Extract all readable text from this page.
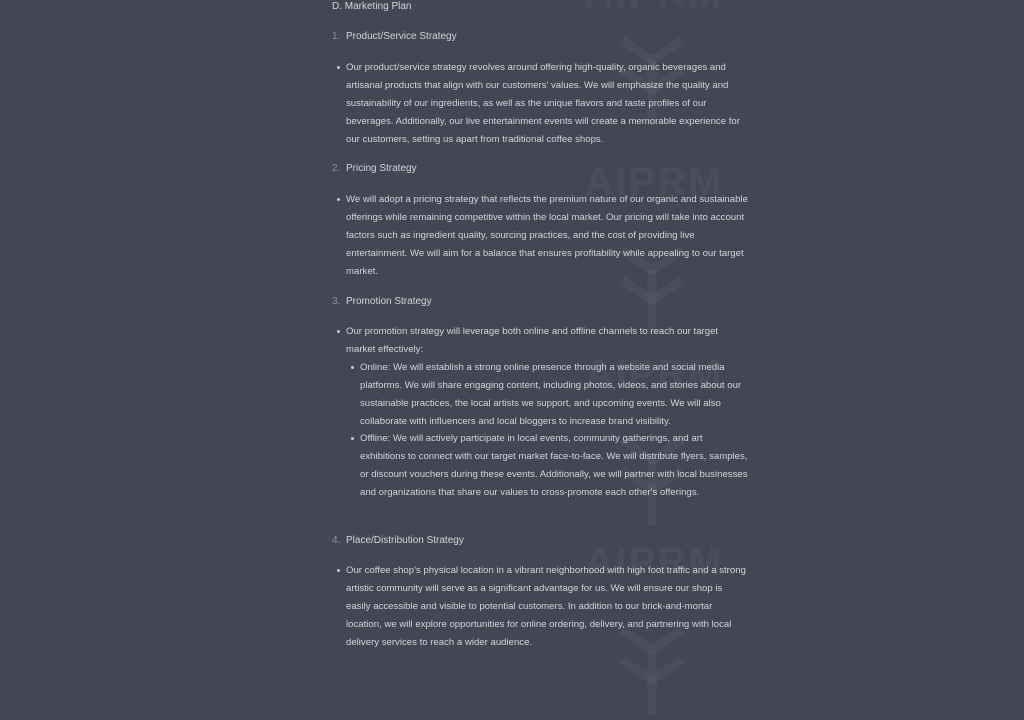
D. Marketing Plan
1. Product/Service Strategy
Our product/service strategy revolves around offering high-quality, organic beverages and artisanal products that align with our customers' values. We will emphasize the quality and sustainability of our ingredients, as well as the unique flavors and taste profiles of our beverages. Additionally, our live entertainment events will create a memorable experience for our customers, setting us apart from traditional coffee shops.
2. Pricing Strategy
We will adopt a pricing strategy that reflects the premium nature of our organic and sustainable offerings while remaining competitive within the local market. Our pricing will take into account factors such as ingredient quality, sourcing practices, and the cost of providing live entertainment. We will aim for a balance that ensures profitability while appealing to our target market.
3. Promotion Strategy
Our promotion strategy will leverage both online and offline channels to reach our target market effectively:
Online: We will establish a strong online presence through a website and social media platforms. We will share engaging content, including photos, videos, and stories about our sustainable practices, the local artists we support, and upcoming events. We will also collaborate with influencers and local bloggers to increase brand visibility.
Offline: We will actively participate in local events, community gatherings, and art exhibitions to connect with our target market face-to-face. We will distribute flyers, samples, or discount vouchers during these events. Additionally, we will partner with local businesses and organizations that share our values to cross-promote each other's offerings.
4. Place/Distribution Strategy
Our coffee shop's physical location in a vibrant neighborhood with high foot traffic and a strong artistic community will serve as a significant advantage for us. We will ensure our shop is easily accessible and visible to potential customers. In addition to our brick-and-mortar location, we will explore opportunities for online ordering, delivery, and partnering with local delivery services to reach a wider audience.
